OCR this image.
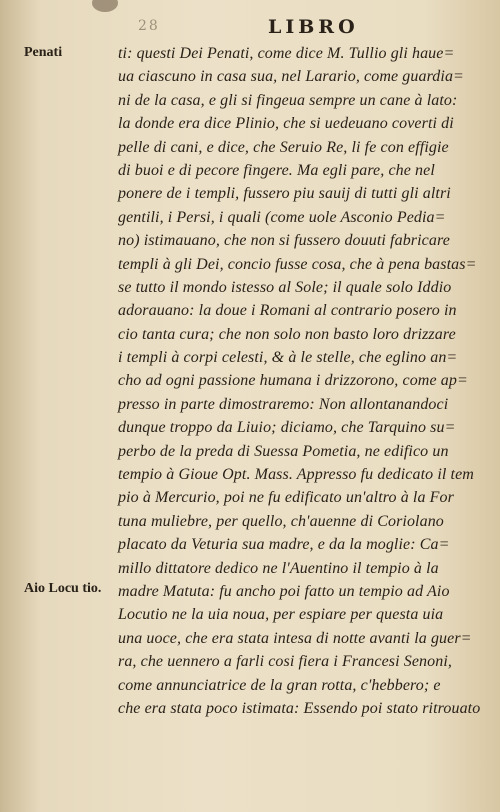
28	LIBRO
Penati
Aio Locu tio.
ti: questi Dei Penati, come dice M. Tullio gli haue=
ua ciascuno in casa sua, nel Larario, come guardia=
ni de la casa, e gli si fingeua sempre un cane à lato:
la donde era dice Plinio, che si uedeuano coverti di
pelle di cani, e dice, che Seruio Re, li fe con effigie
di buoi e di pecore fingere. Ma egli pare, che nel
ponere de i templi, fussero piu sauij di tutti gli altri
gentili, i Persi, i quali (come uole Asconio Pedia=
no) istimauano, che non si fussero douuti fabricare
templi à gli Dei, concio fusse cosa, che à pena bastas=
se tutto il mondo istesso al Sole; il quale solo Iddio
adorauano: la doue i Romani al contrario posero in
cio tanta cura; che non solo non basto loro drizzare
i templi à corpi celesti, & à le stelle, che eglino an=
cho ad ogni passione humana i drizzorono, come ap=
presso in parte dimostraremo: Non allontanandoci
dunque troppo da Liuio; diciamo, che Tarquino su=
perbo de la preda di Suessa Pometia, ne edifico un
tempio à Gioue Opt. Mass. Appresso fu dedicato il tem
pio à Mercurio, poi ne fu edificato un'altro à la For
tuna muliebre, per quello, ch'auenne di Coriolano
placato da Veturia sua madre, e da la moglie: Ca=
millo dittatore dedico ne l'Auentino il tempio à la
madre Matuta: fu ancho poi fatto un tempio ad Aio
Locutio ne la uia noua, per espiare per questa uia
una uoce, che era stata intesa di notte avanti la guer=
ra, che uennero a farli cosi fiera i Francesi Senoni,
come annunciatrice de la gran rotta, c'hebbero; e
che era stata poco istimata: Essendo poi stato ritrouato
